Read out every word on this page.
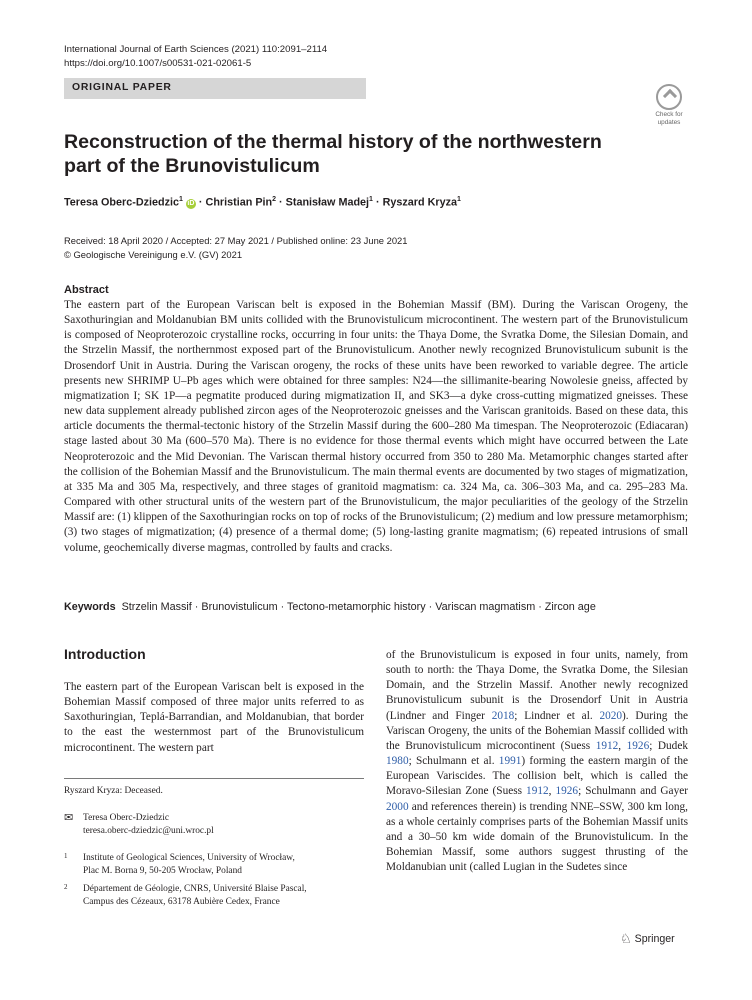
International Journal of Earth Sciences (2021) 110:2091–2114
https://doi.org/10.1007/s00531-021-02061-5
ORIGINAL PAPER
Check for
updates
Reconstruction of the thermal history of the northwestern part of the Brunovistulicum
Teresa Oberc-Dziedzic$^1$ iD · Christian Pin$^2$ · Stanisław Madej$^1$ · Ryszard Kryza$^1$
Received: 18 April 2020 / Accepted: 27 May 2021 / Published online: 23 June 2021
© Geologische Vereinigung e.V. (GV) 2021
Abstract

The eastern part of the European Variscan belt is exposed in the Bohemian Massif (BM). During the Variscan Orogeny, the Saxothuringian and Moldanubian BM units collided with the Brunovistulicum microcontinent. The western part of the Brunovistulicum is composed of Neoproterozoic crystalline rocks, occurring in four units: the Thaya Dome, the Svratka Dome, the Silesian Domain, and the Strzelin Massif, the northernmost exposed part of the Brunovistulicum. Another newly recognized Brunovistulicum subunit is the Drosendorf Unit in Austria. During the Variscan orogeny, the rocks of these units have been reworked to variable degree. The article presents new SHRIMP U–Pb ages which were obtained for three samples: N24—the sillimanite-bearing Nowolesie gneiss, affected by migmatization I; SK 1P—a pegmatite produced during migmatization II, and SK3—a dyke cross-cutting migmatized gneisses. These new data supplement already published zircon ages of the Neoproterozoic gneisses and the Variscan granitoids. Based on these data, this article documents the thermal-tectonic history of the Strzelin Massif during the 600–280 Ma timespan. The Neoproterozoic (Ediacaran) stage lasted about 30 Ma (600–570 Ma). There is no evidence for those thermal events which might have occurred between the Late Neoproterozoic and the Mid Devonian. The Variscan thermal history occurred from 350 to 280 Ma. Metamorphic changes started after the collision of the Bohemian Massif and the Brunovistulicum. The main thermal events are documented by two stages of migmatization, at 335 Ma and 305 Ma, respectively, and three stages of granitoid magmatism: ca. 324 Ma, ca. 306–303 Ma, and ca. 295–283 Ma. Compared with other structural units of the western part of the Brunovistulicum, the major peculiarities of the geology of the Strzelin Massif are: (1) klippen of the Saxothuringian rocks on top of rocks of the Brunovistulicum; (2) medium and low pressure metamorphism; (3) two stages of migmatization; (4) presence of a thermal dome; (5) long-lasting granite magmatism; (6) repeated intrusions of small volume, geochemically diverse magmas, controlled by faults and cracks.

Keywords Strzelin Massif · Brunovistulicum · Tectono-metamorphic history · Variscan magmatism · Zircon age
Introduction

The eastern part of the European Variscan belt is exposed in the Bohemian Massif composed of three major units referred to as Saxothuringian, Teplá-Barrandian, and Moldanubian, that border to the east the westernmost part of the Brunovistulicum microcontinent. The western part

Ryszard Kryza: Deceased.
✉ Teresa Oberc-Dziedzic
teresa.oberc-dziedzic@uni.wroc.pl
1 Institute of Geological Sciences, University of Wrocław,
Plac M. Borna 9, 50-205 Wrocław, Poland
2 Département de Géologie, CNRS, Université Blaise Pascal,
Campus des Cézeaux, 63178 Aubière Cedex, France

of the Brunovistulicum is exposed in four units, namely, from south to north: the Thaya Dome, the Svratka Dome, the Silesian Domain, and the Strzelin Massif. Another newly recognized Brunovistulicum subunit is the Drosendorf Unit in Austria (Lindner and Finger 2018; Lindner et al. 2020). During the Variscan Orogeny, the units of the Bohemian Massif collided with the Brunovistulicum microcontinent (Suess 1912, 1926; Dudek 1980; Schulmann et al. 1991) forming the eastern margin of the European Variscides. The collision belt, which is called the Moravo-Silesian Zone (Suess 1912, 1926; Schulmann and Gayer 2000 and references therein) is trending NNE–SSW, 300 km long, as a whole certainly comprises parts of the Bohemian Massif units and a 30–50 km wide domain of the Brunovistulicum. In the Bohemian Massif, some authors suggest thrusting of the Moldanubian unit (called Lugian in the Sudetes since

♘ Springer
